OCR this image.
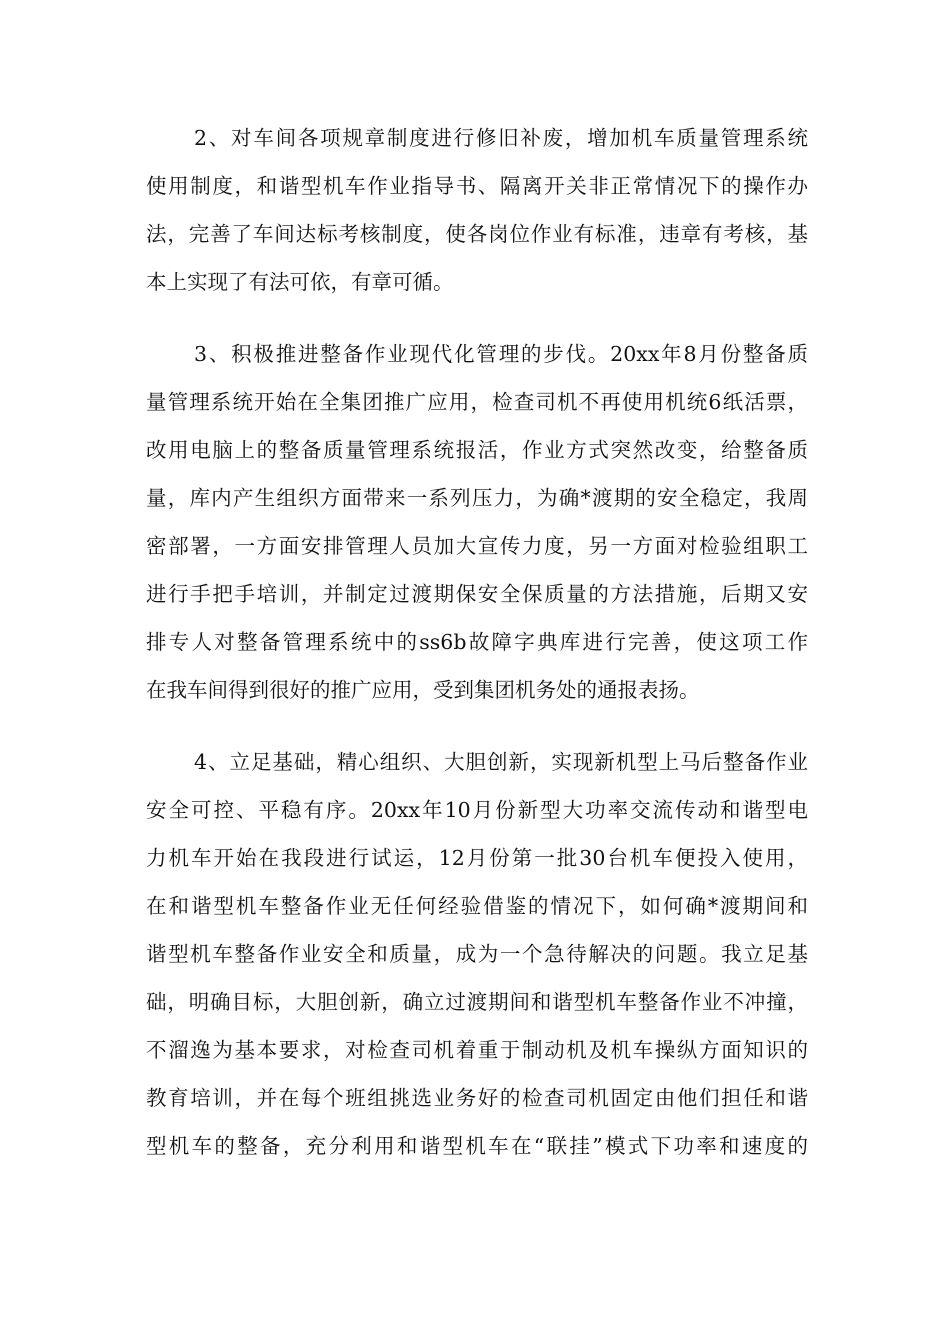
2、对车间各项规章制度进行修旧补废，增加机车质量管理系统
使用制度，和谐型机车作业指导书、隔离开关非正常情况下的操作办
法，完善了车间达标考核制度，使各岗位作业有标准，违章有考核，基
本上实现了有法可依，有章可循。
3、积极推进整备作业现代化管理的步伐。20xx年8月份整备质
量管理系统开始在全集团推广应用，检查司机不再使用机统6纸活票，
改用电脑上的整备质量管理系统报活，作业方式突然改变，给整备质
量，库内产生组织方面带来一系列压力，为确*渡期的安全稳定，我周
密部署，一方面安排管理人员加大宣传力度，另一方面对检验组职工
进行手把手培训，并制定过渡期保安全保质量的方法措施，后期又安
排专人对整备管理系统中的ss6b故障字典库进行完善，使这项工作
在我车间得到很好的推广应用，受到集团机务处的通报表扬。
4、立足基础，精心组织、大胆创新，实现新机型上马后整备作业
安全可控、平稳有序。20xx年10月份新型大功率交流传动和谐型电
力机车开始在我段进行试运，12月份第一批30台机车便投入使用，
在和谐型机车整备作业无任何经验借鉴的情况下，如何确*渡期间和
谐型机车整备作业安全和质量，成为一个急待解决的问题。我立足基
础，明确目标，大胆创新，确立过渡期间和谐型机车整备作业不冲撞，
不溜逸为基本要求，对检查司机着重于制动机及机车操纵方面知识的
教育培训，并在每个班组挑选业务好的检查司机固定由他们担任和谐
型机车的整备，充分利用和谐型机车在“联挂”模式下功率和速度的
